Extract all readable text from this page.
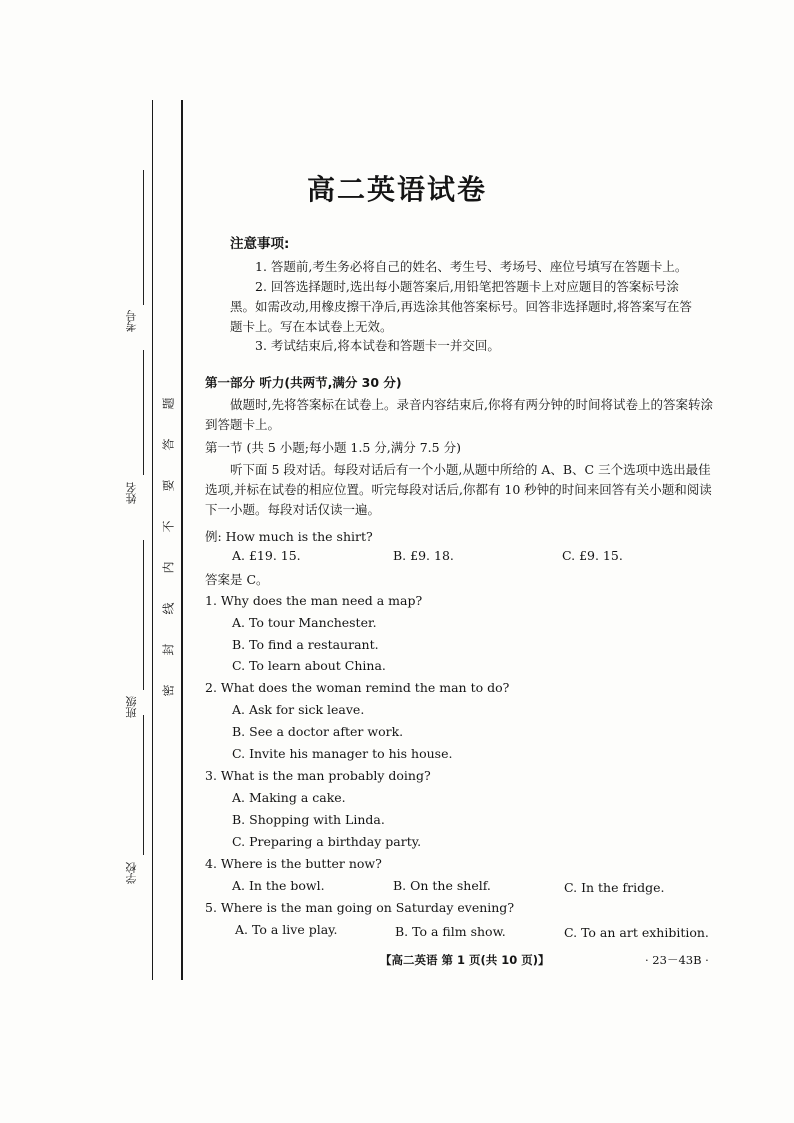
考号
姓名
班级
学校
密
封
线
内
不
要
答
题
高二英语试卷
注意事项:
1. 答题前,考生务必将自己的姓名、考生号、考场号、座位号填写在答题卡上。
2. 回答选择题时,选出每小题答案后,用铅笔把答题卡上对应题目的答案标号涂黑。如需改动,用橡皮擦干净后,再选涂其他答案标号。回答非选择题时,将答案写在答题卡上。写在本试卷上无效。
3. 考试结束后,将本试卷和答题卡一并交回。
第一部分 听力(共两节,满分 30 分)
做题时,先将答案标在试卷上。录音内容结束后,你将有两分钟的时间将试卷上的答案转涂到答题卡上。
第一节 (共 5 小题;每小题 1.5 分,满分 7.5 分)
听下面 5 段对话。每段对话后有一个小题,从题中所给的 A、B、C 三个选项中选出最佳选项,并标在试卷的相应位置。听完每段对话后,你都有 10 秒钟的时间来回答有关小题和阅读下一小题。每段对话仅读一遍。
例: How much is the shirt?
A. £19. 15.	B. £9. 18.	C. £9. 15.
答案是 C。
1. Why does the man need a map?
A. To tour Manchester.
B. To find a restaurant.
C. To learn about China.
2. What does the woman remind the man to do?
A. Ask for sick leave.
B. See a doctor after work.
C. Invite his manager to his house.
3. What is the man probably doing?
A. Making a cake.
B. Shopping with Linda.
C. Preparing a birthday party.
4. Where is the butter now?
A. In the bowl.	B. On the shelf.	C. In the fridge.
5. Where is the man going on Saturday evening?
A. To a live play.	B. To a film show.	C. To an art exhibition.
【高二英语 第 1 页(共 10 页)】	· 23－43B ·
